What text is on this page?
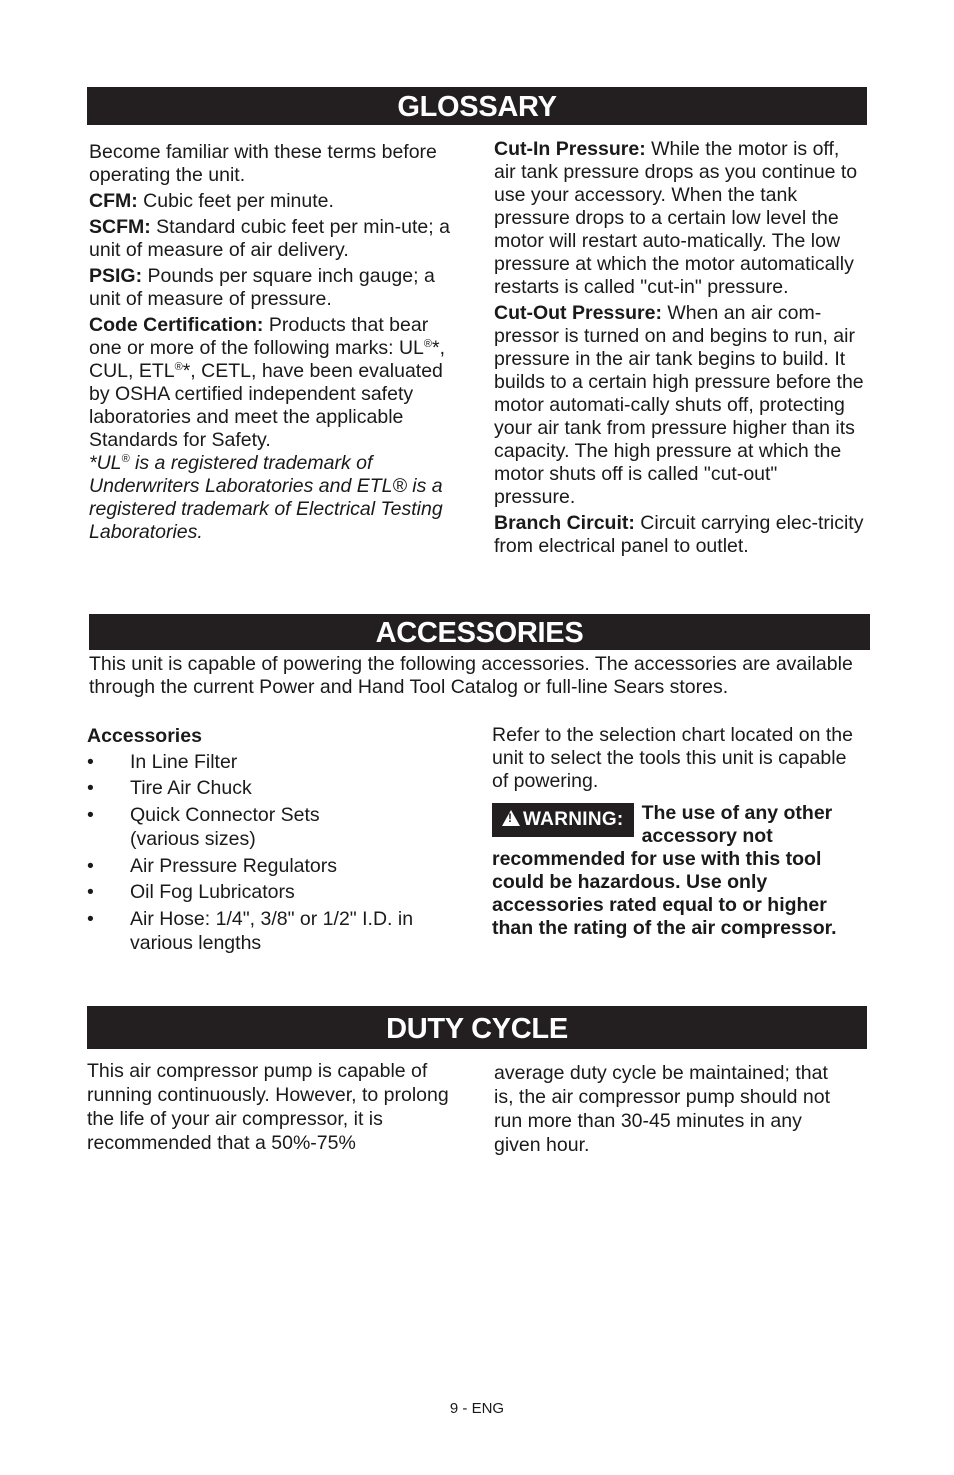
GLOSSARY

Become familiar with these terms before operating the unit.

CFM: Cubic feet per minute.

SCFM: Standard cubic feet per min-ute; a unit of measure of air delivery.

PSIG: Pounds per square inch gauge; a unit of measure of pressure.

Code Certification: Products that bear one or more of the following marks: UL®*, CUL, ETL®*, CETL, have been evaluated by OSHA certified independent safety laboratories and meet the applicable Standards for Safety.

*UL® is a registered trademark of Underwriters Laboratories and ETL® is a registered trademark of Electrical Testing Laboratories.

Cut-In Pressure: While the motor is off, air tank pressure drops as you continue to use your accessory. When the tank pressure drops to a certain low level the motor will restart auto-matically. The low pressure at which the motor automatically restarts is called "cut-in" pressure.

Cut-Out Pressure: When an air com-pressor is turned on and begins to run, air pressure in the air tank begins to build. It builds to a certain high pressure before the motor automati-cally shuts off, protecting your air tank from pressure higher than its capacity. The high pressure at which the motor shuts off is called "cut-out" pressure.

Branch Circuit: Circuit carrying elec-tricity from electrical panel to outlet.

ACCESSORIES
This unit is capable of powering the following accessories. The accessories are available through the current Power and Hand Tool Catalog or full-line Sears stores.
Accessories
• In Line Filter
• Tire Air Chuck
• Quick Connector Sets (various sizes)
• Air Pressure Regulators
• Oil Fog Lubricators
• Air Hose: 1/4", 3/8" or 1/2" I.D. in various lengths

Refer to the selection chart located on the unit to select the tools this unit is capable of powering.

!WARNING: The use of any other accessory not recommended for use with this tool could be hazardous. Use only accessories rated equal to or higher than the rating of the air compressor.
DUTY CYCLE
This air compressor pump is capable of running continuously. However, to prolong the life of your air compressor, it is recommended that a 50%-75%
average duty cycle be maintained; that is, the air compressor pump should not run more than 30-45 minutes in any given hour.
9 - ENG
